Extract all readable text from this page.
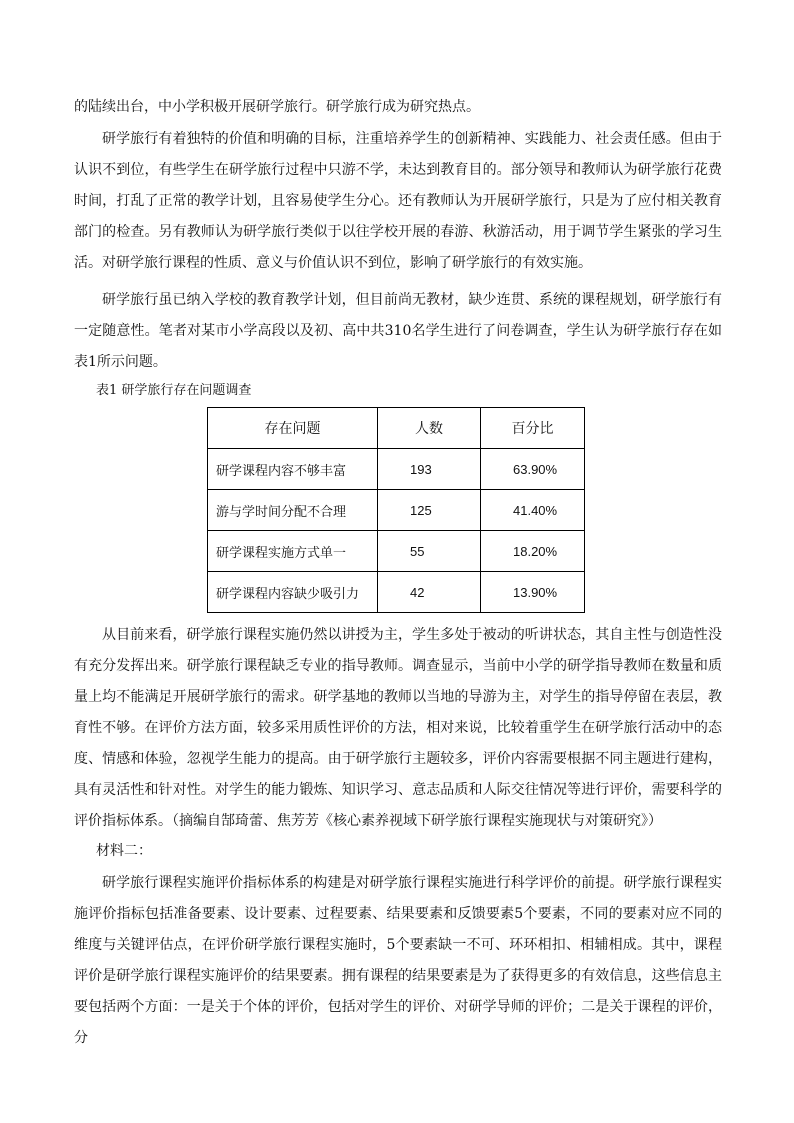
的陆续出台，中小学积极开展研学旅行。研学旅行成为研究热点。

研学旅行有着独特的价值和明确的目标，注重培养学生的创新精神、实践能力、社会责任感。但由于认识不到位，有些学生在研学旅行过程中只游不学，未达到教育目的。部分领导和教师认为研学旅行花费时间，打乱了正常的教学计划，且容易使学生分心。还有教师认为开展研学旅行，只是为了应付相关教育部门的检查。另有教师认为研学旅行类似于以往学校开展的春游、秋游活动，用于调节学生紧张的学习生活。对研学旅行课程的性质、意义与价值认识不到位，影响了研学旅行的有效实施。

研学旅行虽已纳入学校的教育教学计划，但目前尚无教材，缺少连贯、系统的课程规划，研学旅行有一定随意性。笔者对某市小学高段以及初、高中共310名学生进行了问卷调查，学生认为研学旅行存在如表1所示问题。

表1 研学旅行存在问题调查

存在问题	人数	百分比
研学课程内容不够丰富	193	63.90%
游与学时间分配不合理	125	41.40%
研学课程实施方式单一	55	18.20%
研学课程内容缺少吸引力	42	13.90%

从目前来看，研学旅行课程实施仍然以讲授为主，学生多处于被动的听讲状态，其自主性与创造性没有充分发挥出来。研学旅行课程缺乏专业的指导教师。调查显示，当前中小学的研学指导教师在数量和质量上均不能满足开展研学旅行的需求。研学基地的教师以当地的导游为主，对学生的指导停留在表层，教育性不够。在评价方法方面，较多采用质性评价的方法，相对来说，比较着重学生在研学旅行活动中的态度、情感和体验，忽视学生能力的提高。由于研学旅行主题较多，评价内容需要根据不同主题进行建构，具有灵活性和针对性。对学生的能力锻炼、知识学习、意志品质和人际交往情况等进行评价，需要科学的评价指标体系。（摘编自郜琦蕾、焦芳芳《核心素养视域下研学旅行课程实施现状与对策研究》）

材料二：

研学旅行课程实施评价指标体系的构建是对研学旅行课程实施进行科学评价的前提。研学旅行课程实施评价指标包括准备要素、设计要素、过程要素、结果要素和反馈要素5个要素，不同的要素对应不同的维度与关键评估点，在评价研学旅行课程实施时，5个要素缺一不可、环环相扣、相辅相成。其中，课程评价是研学旅行课程实施评价的结果要素。拥有课程的结果要素是为了获得更多的有效信息，这些信息主要包括两个方面：一是关于个体的评价，包括对学生的评价、对研学导师的评价；二是关于课程的评价，分
